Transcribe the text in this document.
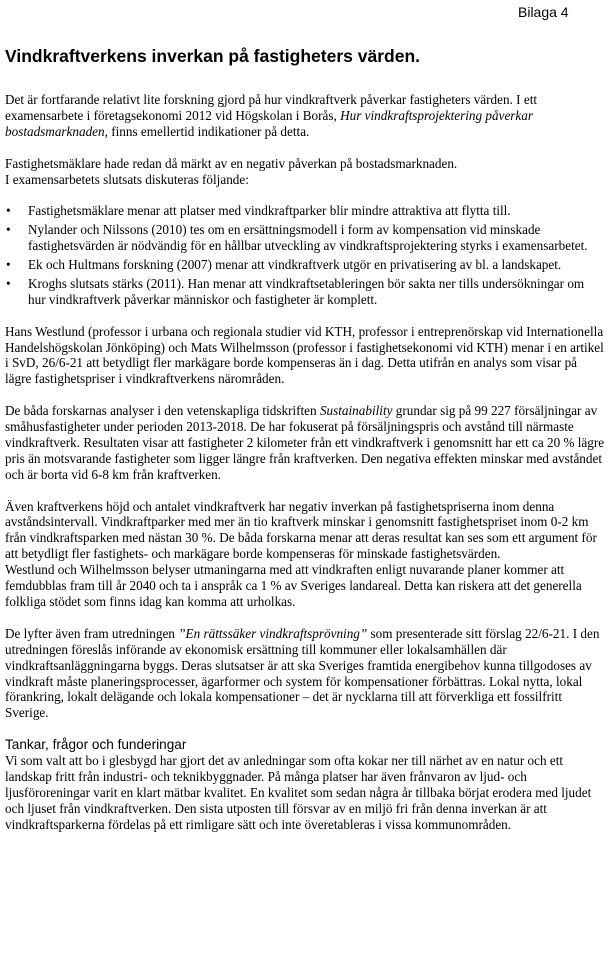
Bilaga 4
Vindkraftverkens inverkan på fastigheters värden.

Det är fortfarande relativt lite forskning gjord på hur vindkraftverk påverkar fastigheters värden. I ett examensarbete i företagsekonomi 2012 vid Högskolan i Borås, Hur vindkraftsprojektering påverkar bostadsmarknaden, finns emellertid indikationer på detta.

Fastighetsmäklare hade redan då märkt av en negativ påverkan på bostadsmarknaden.

I examensarbetets slutsats diskuteras följande:

• Fastighetsmäklare menar att platser med vindkraftparker blir mindre attraktiva att flytta till.
• Nylander och Nilssons (2010) tes om en ersättningsmodell i form av kompensation vid minskade fastighetsvärden är nödvändig för en hållbar utveckling av vindkraftsprojektering styrks i examensarbetet.
• Ek och Hultmans forskning (2007) menar att vindkraftverk utgör en privatisering av bl. a landskapet.
• Kroghs slutsats stärks (2011). Han menar att vindkraftsetableringen bör sakta ner tills undersökningar om hur vindkraftverk påverkar människor och fastigheter är komplett.

Hans Westlund (professor i urbana och regionala studier vid KTH, professor i entreprenörskap vid Internationella Handelshögskolan Jönköping) och Mats Wilhelmsson (professor i fastighetsekonomi vid KTH) menar i en artikel i SvD, 26/6-21 att betydligt fler markägare borde kompenseras än i dag. Detta utifrån en analys som visar på lägre fastighetspriser i vindkraftverkens närområden.

De båda forskarnas analyser i den vetenskapliga tidskriften Sustainability grundar sig på 99 227 försäljningar av småhusfastigheter under perioden 2013-2018. De har fokuserat på försäljningspris och avstånd till närmaste vindkraftverk. Resultaten visar att fastigheter 2 kilometer från ett vindkraftverk i genomsnitt har ett ca 20 % lägre pris än motsvarande fastigheter som ligger längre från kraftverken. Den negativa effekten minskar med avståndet och är borta vid 6-8 km från kraftverken.

Även kraftverkens höjd och antalet vindkraftverk har negativ inverkan på fastighetspriserna inom denna avståndsintervall. Vindkraftparker med mer än tio kraftverk minskar i genomsnitt fastighetspriset inom 0-2 km från vindkraftsparken med nästan 30 %. De båda forskarna menar att deras resultat kan ses som ett argument för att betydligt fler fastighets- och markägare borde kompenseras för minskade fastighetsvärden.

Westlund och Wilhelmsson belyser utmaningarna med att vindkraften enligt nuvarande planer kommer att femdubblas fram till år 2040 och ta i anspråk ca 1 % av Sveriges landareal. Detta kan riskera att det generella folkliga stödet som finns idag kan komma att urholkas.

De lyfter även fram utredningen ”En rättssäker vindkraftsprövning” som presenterade sitt förslag 22/6-21. I den utredningen föreslås införande av ekonomisk ersättning till kommuner eller lokalsamhällen där vindkraftsanläggningarna byggs. Deras slutsatser är att ska Sveriges framtida energibehov kunna tillgodoses av vindkraft måste planeringsprocesser, ägarformer och system för kompensationer förbättras. Lokal nytta, lokal förankring, lokalt delägande och lokala kompensationer – det är nycklarna till att förverkliga ett fossilfritt Sverige.

Tankar, frågor och funderingar

Vi som valt att bo i glesbygd har gjort det av anledningar som ofta kokar ner till närhet av en natur och ett landskap fritt från industri- och teknikbyggnader. På många platser har även frånvaron av ljud- och ljusföroreningar varit en klart mätbar kvalitet. En kvalitet som sedan några år tillbaka börjat erodera med ljudet och ljuset från vindkraftverken. Den sista utposten till försvar av en miljö fri från denna inverkan är att vindkraftsparkerna fördelas på ett rimligare sätt och inte överetableras i vissa kommunområden.
